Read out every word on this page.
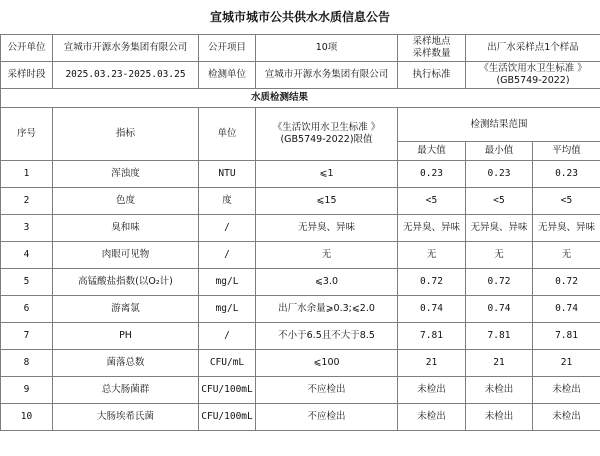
宣城市城市公共供水水质信息公告
公开单位	宣城市开源水务集团有限公司	公开项目	10项	采样地点
采样数量	出厂水采样点1个样品	
采样时段	2025.03.23-2025.03.25	检测单位	宣城市开源水务集团有限公司	执行标准	《生活饮用水卫生标准 》
(GB5749-2022)	

水质检测结果						
序号	指标	单位	《生活饮用水卫生标准 》
(GB5749-2022)限值	检测结果范围		
				最大值	最小值	平均值
1	浑浊度	NTU	⩽1	0.23	0.23	0.23
2	色度	度	⩽15	<5	<5	<5
3	臭和味	/	无异臭、异味	无异臭、异味	无异臭、异味	无异臭、异味
4	肉眼可见物	/	无	无	无	无
5	高锰酸盐指数(以O₂计)	mg/L	⩽3.0	0.72	0.72	0.72
6	游离氯	mg/L	出厂水余量⩾0.3;⩽2.0	0.74	0.74	0.74
7	PH	/	不小于6.5且不大于8.5	7.81	7.81	7.81
8	菌落总数	CFU/mL	⩽100	21	21	21
9	总大肠菌群	CFU/100mL	不应检出	未检出	未检出	未检出
10	大肠埃希氏菌	CFU/100mL	不应检出	未检出	未检出	未检出
